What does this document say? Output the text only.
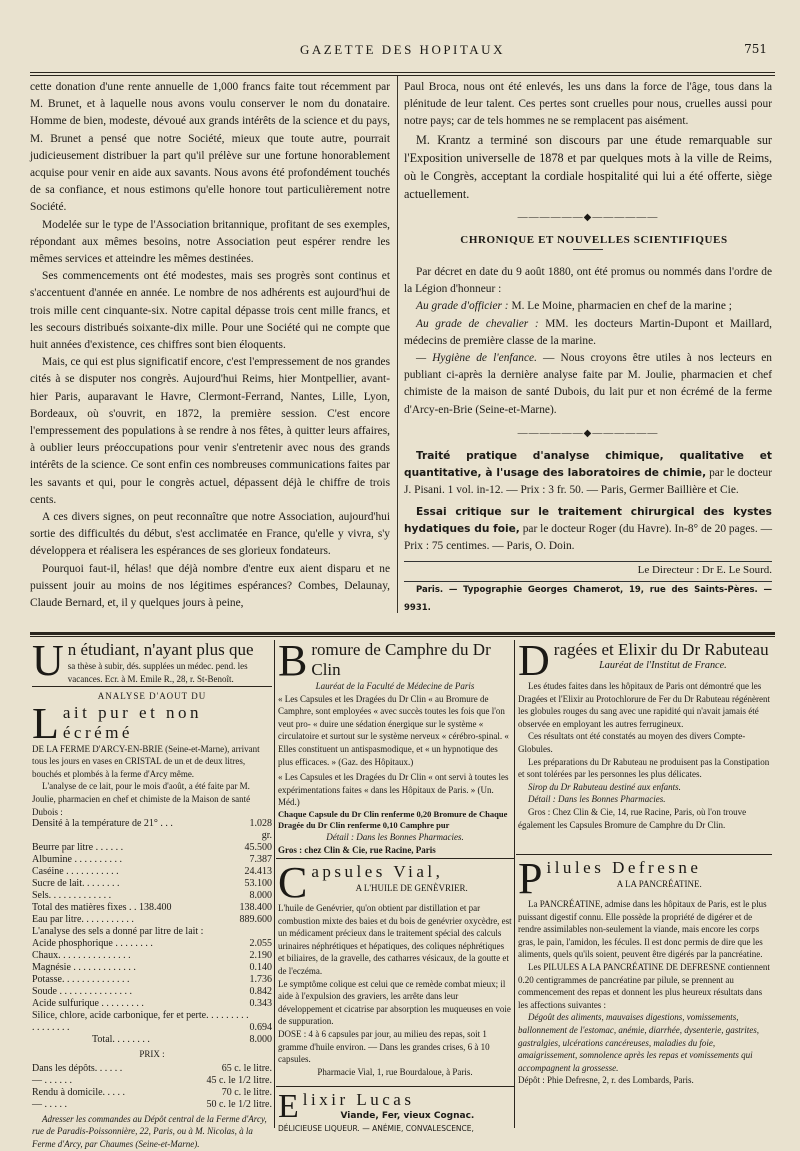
GAZETTE DES HOPITAUX	751

cette donation d'une rente annuelle de 1,000 francs faite tout récemment par M. Brunet, et à laquelle nous avons voulu conserver le nom du donataire. Homme de bien, modeste, dévoué aux grands intérêts de la science et du pays, M. Brunet a pensé que notre Société, mieux que toute autre, pourrait judicieusement distribuer la part qu'il prélève sur une fortune honorablement acquise pour venir en aide aux savants. Nous avons été profondément touchés de sa confiance, et nous estimons qu'elle honore tout particulièrement notre Société.

Modelée sur le type de l'Association britannique, profitant de ses exemples, répondant aux mêmes besoins, notre Association peut espérer rendre les mêmes services et atteindre les mêmes destinées.

Ses commencements ont été modestes, mais ses progrès sont continus et s'accentuent d'année en année. Le nombre de nos adhérents est aujourd'hui de trois mille cent cinquante-six. Notre capital dépasse trois cent mille francs, et les secours distribués soixante-dix mille. Pour une Société qui ne compte que huit années d'existence, ces chiffres sont bien éloquents.

Mais, ce qui est plus significatif encore, c'est l'empressement de nos grandes cités à se disputer nos congrès. Aujourd'hui Reims, hier Montpellier, avant-hier Paris, auparavant le Havre, Clermont-Ferrand, Nantes, Lille, Lyon, Bordeaux, où s'ouvrit, en 1872, la première session. C'est encore l'empressement des populations à se rendre à nos fêtes, à quitter leurs affaires, à oublier leurs préoccupations pour venir s'entretenir avec nous des grands intérêts de la science. Ce sont enfin ces nombreuses communications faites par les savants et qui, pour le congrès actuel, dépassent déjà le chiffre de trois cents.

A ces divers signes, on peut reconnaître que notre Association, aujourd'hui sortie des difficultés du début, s'est acclimatée en France, qu'elle y vivra, s'y développera et réalisera les espérances de ses glorieux fondateurs.

Pourquoi faut-il, hélas! que déjà nombre d'entre eux aient disparu et ne puissent jouir au moins de nos légitimes espérances? Combes, Delaunay, Claude Bernard, et, il y quelques jours à peine,

Paul Broca, nous ont été enlevés, les uns dans la force de l'âge, tous dans la plénitude de leur talent. Ces pertes sont cruelles pour nous, cruelles aussi pour notre pays; car de tels hommes ne se remplacent pas aisément.

M. Krantz a terminé son discours par une étude remarquable sur l'Exposition universelle de 1878 et par quelques mots à la ville de Reims, où le Congrès, acceptant la cordiale hospitalité qui lui a été offerte, siège actuellement.

——————◆——————

CHRONIQUE ET NOUVELLES SCIENTIFIQUES

Par décret en date du 9 août 1880, ont été promus ou nommés dans l'ordre de la Légion d'honneur :

Au grade d'officier : M. Le Moine, pharmacien en chef de la marine ;

Au grade de chevalier : MM. les docteurs Martin-Dupont et Maillard, médecins de première classe de la marine.

— Hygiène de l'enfance. — Nous croyons être utiles à nos lecteurs en publiant ci-après la dernière analyse faite par M. Joulie, pharmacien et chef chimiste de la maison de santé Dubois, du lait pur et non écrémé de la ferme d'Arcy-en-Brie (Seine-et-Marne).

——————◆——————

Traité pratique d'analyse chimique, qualitative et quantitative, à l'usage des laboratoires de chimie, par le docteur J. Pisani. 1 vol. in-12. — Prix : 3 fr. 50. — Paris, Germer Baillière et Cie.

Essai critique sur le traitement chirurgical des kystes hydatiques du foie, par le docteur Roger (du Havre). In-8° de 20 pages. — Prix : 75 centimes. — Paris, O. Doin.

Le Directeur : Dr E. Le Sourd.

Paris. — Typographie Georges Chamerot, 19, rue des Saints-Pères. — 9931.

U n étudiant, n'ayant plus que
sa thèse à subir, dés. supplées un médec. pend. les vacances. Ecr. à M. Emile R., 28, r. St-Benoît.
ANALYSE D'AOUT DU
L ait pur et non écrémé
DE LA FERME D'ARCY-EN-BRIE (Seine-et-Marne), arrivant tous les jours en vases en CRISTAL de un et de deux litres, bouchés et plombés à la ferme d'Arcy même.
L'analyse de ce lait, pour le mois d'août, a été faite par M. Joulie, pharmacien en chef et chimiste de la Maison de santé Dubois :
Densité à la température de 21° . . .	1.028
	gr.
Beurre par litre . . . . . .	45.500
Albumine . . . . . . . . . .	7.387
Caséine . . . . . . . . . . .	24.413
Sucre de lait. . . . . . . .	53.100
Sels. . . . . . . . . . . . .	8.000
Total des matières fixes . . 138.400	138.400
Eau par litre. . . . . . . . . . .	889.600
L'analyse des sels a donné par litre de lait :	
Acide phosphorique . . . . . . . .	2.055
Chaux. . . . . . . . . . . . . . .	2.190
Magnésie . . . . . . . . . . . . .	0.140
Potasse. . . . . . . . . . . . . .	1.736
Soude . . . . . . . . . . . . . . .	0.842
Acide sulfurique . . . . . . . . .	0.343
Silice, chlore, acide carbonique, fer et perte. . . . . . . . . . . . . . . . .	0.694
Total. . . . . . . .	8.000
PRIX :
Dans les dépôts. . . . . .	65 c. le litre.
— . . . . . .	45 c. le 1/2 litre.
Rendu à domicile. . . . .	70 c. le litre.
— . . . . .	50 c. le 1/2 litre.
Adresser les commandes au Dépôt central de la Ferme d'Arcy, rue de Paradis-Poissonnière, 22, Paris, ou à M. Nicolas, à la Ferme d'Arcy, par Chaumes (Seine-et-Marne).
B romure de Camphre du Dr Clin
Lauréat de la Faculté de Médecine de Paris
« Les Capsules et les Dragées du Dr Clin « au Bromure de Camphre, sont employées « avec succès toutes les fois que l'on veut pro- « duire une sédation énergique sur le système « circulatoire et surtout sur le système nerveux « cérébro-spinal. « Elles constituent un antispasmodique, et « un hypnotique des plus efficaces. » (Gaz. des Hôpitaux.)
« Les Capsules et les Dragées du Dr Clin « ont servi à toutes les expérimentations faites « dans les Hôpitaux de Paris. » (Un. Méd.)
Chaque Capsule du Dr Clin renferme 0,20 Bromure de Chaque Dragée du Dr Clin renferme 0,10 Camphre pur
Détail : Dans les Bonnes Pharmacies.
Gros : chez Clin & Cie, rue Racine, Paris
C apsules Vial,
A L'HUILE DE GENÈVRIER.
L'huile de Genévrier, qu'on obtient par distillation et par combustion mixte des baies et du bois de genévrier oxycèdre, est un médicament précieux dans le traitement spécial des calculs urinaires néphrétiques et hépatiques, des coliques néphrétiques et biliaires, de la gravelle, des catharres vésicaux, de la goutte et de l'eczéma.
Le symptôme colique est celui que ce remède combat mieux; il aide à l'expulsion des graviers, les arrête dans leur développement et cicatrise par absorption les muqueuses en voie de suppuration.
DOSE : 4 à 6 capsules par jour, au milieu des repas, soit 1 gramme d'huile environ. — Dans les grandes crises, 6 à 10 capsules.
Pharmacie Vial, 1, rue Bourdaloue, à Paris.
E lixir Lucas
Viande, Fer, vieux Cognac.
DÉLICIEUSE LIQUEUR. — ANÉMIE, CONVALESCENCE,
D ragées et Elixir du Dr Rabuteau
Lauréat de l'Institut de France.
Les études faites dans les hôpitaux de Paris ont démontré que les Dragées et l'Elixir au Protochlorure de Fer du Dr Rabuteau régénèrent les globules rouges du sang avec une rapidité qui n'avait jamais été observée en employant les autres ferrugineux.
Ces résultats ont été constatés au moyen des divers Compte-Globules.
Les préparations du Dr Rabuteau ne produisent pas la Constipation et sont tolérées par les personnes les plus délicates.
Sirop du Dr Rabuteau destiné aux enfants.
Détail : Dans les Bonnes Pharmacies.
Gros : Chez Clin & Cie, 14, rue Racine, Paris, où l'on trouve également les Capsules Bromure de Camphre du Dr Clin.
P ilules Defresne
A LA PANCRÉATINE.
La PANCRÉATINE, admise dans les hôpitaux de Paris, est le plus puissant digestif connu. Elle possède la propriété de digérer et de rendre assimilables non-seulement la viande, mais encore les corps gras, le pain, l'amidon, les fécules. Il est donc permis de dire que les aliments, quels qu'ils soient, peuvent être digérés par la pancréatine.
Les PILULES A LA PANCRÉATINE DE DEFRESNE contiennent 0.20 centigrammes de pancréatine par pilule, se prennent au commencement des repas et donnent les plus heureux résultats dans les affections suivantes :
Dégoût des aliments, mauvaises digestions, vomissements, ballonnement de l'estomac, anémie, diarrhée, dysenterie, gastrites, gastralgies, ulcérations cancéreuses, maladies du foie, amaigrissement, somnolence après les repas et vomissements qui accompagnent la grossesse.
Dépôt : Phie Defresne, 2, r. des Lombards, Paris.
